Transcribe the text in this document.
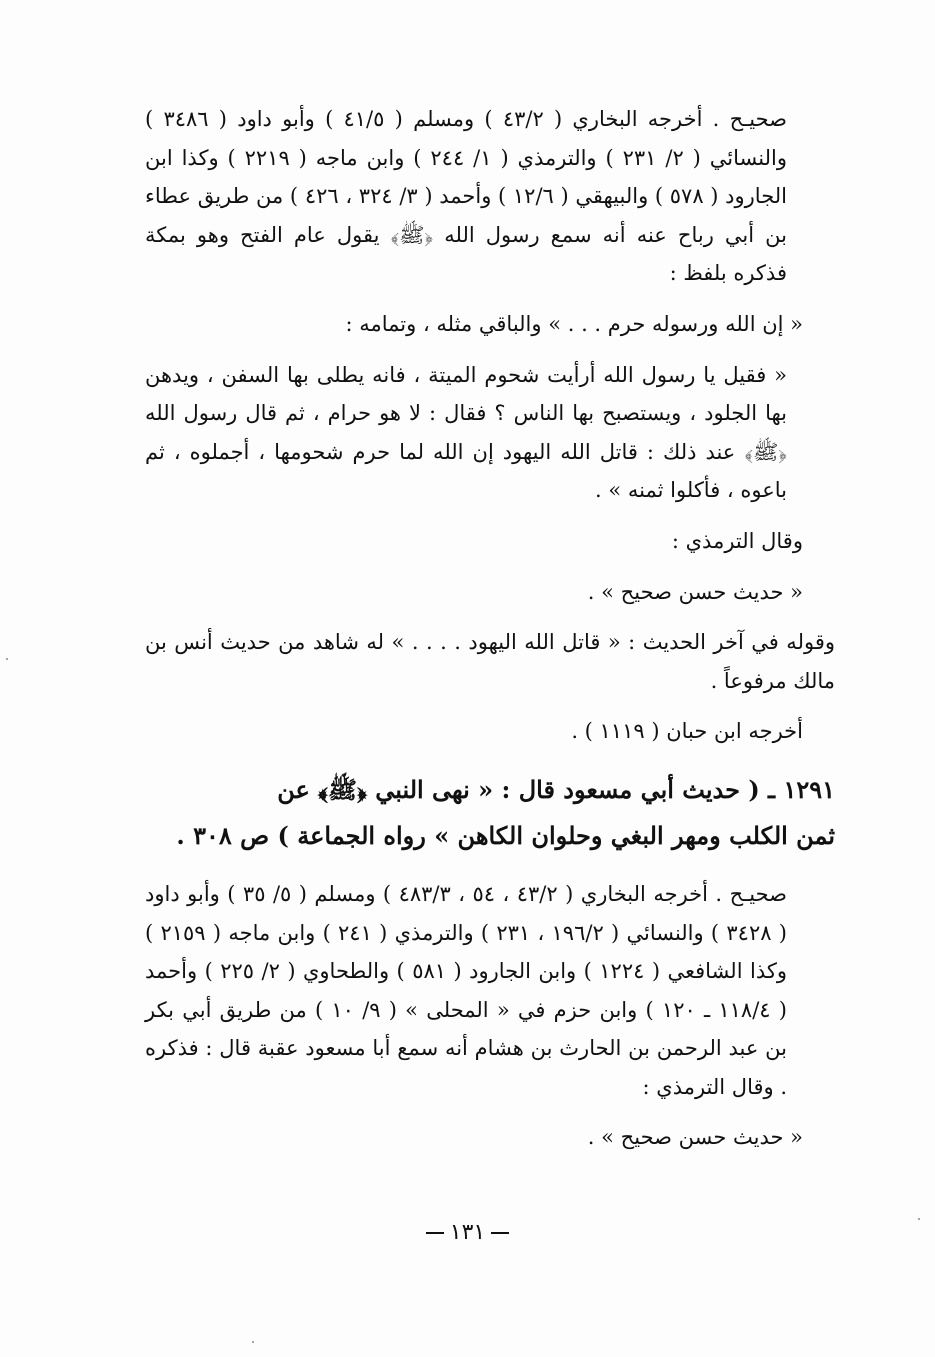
صحيـح . أخرجه البخاري ( ٤٣/٢ ) ومسلم ( ٤١/٥ ) وأبو داود ( ٣٤٨٦ ) والنسائي ( ٢/ ٢٣١ ) والترمذي ( ١/ ٢٤٤ ) وابن ماجه ( ٢٢١٩ ) وكذا ابن الجارود ( ٥٧٨ ) والبيهقي ( ١٢/٦ ) وأحمد ( ٣/ ٣٢٤ ، ٤٢٦ ) من طريق عطاء بن أبي رباح عنه أنه سمع رسول الله ﴿ﷺ﴾ يقول عام الفتح وهو بمكة فذكره بلفظ :

« إن الله ورسوله حرم . . . » والباقي مثله ، وتمامه :

« فقيل يا رسول الله أرأيت شحوم الميتة ، فانه يطلى بها السفن ، ويدهن بها الجلود ، ويستصبح بها الناس ؟ فقال : لا هو حرام ، ثم قال رسول الله ﴿ﷺ﴾ عند ذلك : قاتل الله اليهود إن الله لما حرم شحومها ، أجملوه ، ثم باعوه ، فأكلوا ثمنه » .

وقال الترمذي :

« حديث حسن صحيح » .

وقوله في آخر الحديث : « قاتل الله اليهود . . . . » له شاهد من حديث أنس بن مالك مرفوعاً .

أخرجه ابن حبان ( ١١١٩ ) .

١٢٩١ ـ ( حديث أبي مسعود قال : « نهى النبي ﴿ﷺ﴾ عن
ثمن الكلب ومهر البغي وحلوان الكاهن » رواه الجماعة ) ص ٣٠٨ .

صحيـح . أخرجه البخاري ( ٤٣/٢ ، ٥٤ ، ٤٨٣/٣ ) ومسلم ( ٥/ ٣٥ ) وأبو داود ( ٣٤٢٨ ) والنسائي ( ١٩٦/٢ ، ٢٣١ ) والترمذي ( ٢٤١ ) وابن ماجه ( ٢١٥٩ ) وكذا الشافعي ( ١٢٢٤ ) وابن الجارود ( ٥٨١ ) والطحاوي ( ٢/ ٢٢٥ ) وأحمد ( ١١٨/٤ ـ ١٢٠ ) وابن حزم في « المحلى » ( ٩/ ١٠ ) من طريق أبي بكر بن عبد الرحمن بن الحارث بن هشام أنه سمع أبا مسعود عقبة قال : فذكره . وقال الترمذي :

« حديث حسن صحيح » .

١٣١
